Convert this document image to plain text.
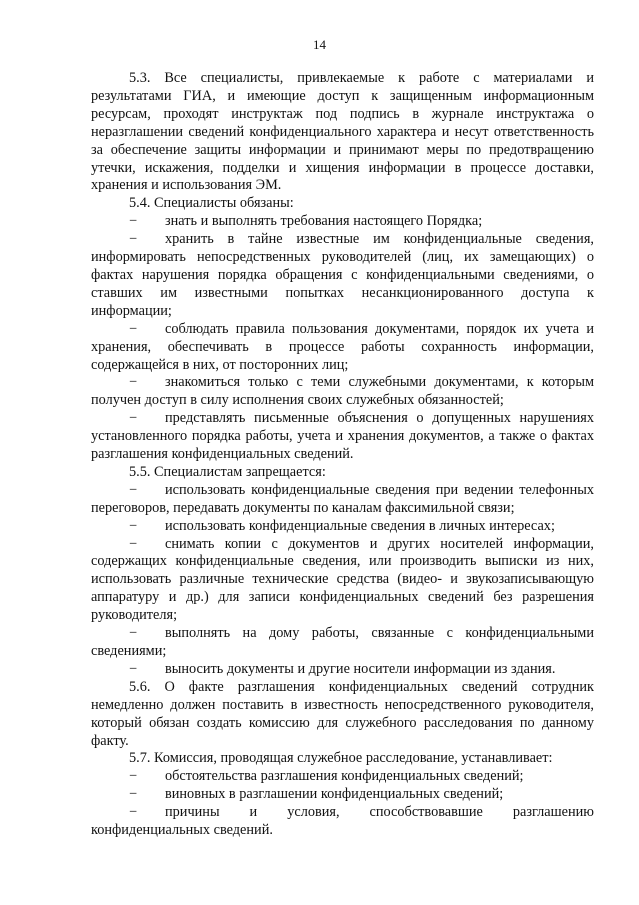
14

5.3. Все специалисты, привлекаемые к работе с материалами и результатами ГИА, и имеющие доступ к защищенным информационным ресурсам, проходят инструктаж под подпись в журнале инструктажа о неразглашении сведений конфиденциального характера и несут ответственность за обеспечение защиты информации и принимают меры по предотвращению утечки, искажения, подделки и хищения информации в процессе доставки, хранения и использования ЭМ.

5.4. Специалисты обязаны:

− знать и выполнять требования настоящего Порядка;

− хранить в тайне известные им конфиденциальные сведения, информировать непосредственных руководителей (лиц, их замещающих) о фактах нарушения порядка обращения с конфиденциальными сведениями, о ставших им известными попытках несанкционированного доступа к информации;

− соблюдать правила пользования документами, порядок их учета и хранения, обеспечивать в процессе работы сохранность информации, содержащейся в них, от посторонних лиц;

− знакомиться только с теми служебными документами, к которым получен доступ в силу исполнения своих служебных обязанностей;

− представлять письменные объяснения о допущенных нарушениях установленного порядка работы, учета и хранения документов, а также о фактах разглашения конфиденциальных сведений.

5.5. Специалистам запрещается:

− использовать конфиденциальные сведения при ведении телефонных переговоров, передавать документы по каналам факсимильной связи;

− использовать конфиденциальные сведения в личных интересах;

− снимать копии с документов и других носителей информации, содержащих конфиденциальные сведения, или производить выписки из них, использовать различные технические средства (видео- и звукозаписывающую аппаратуру и др.) для записи конфиденциальных сведений без разрешения руководителя;

− выполнять на дому работы, связанные с конфиденциальными сведениями;

− выносить документы и другие носители информации из здания.

5.6. О факте разглашения конфиденциальных сведений сотрудник немедленно должен поставить в известность непосредственного руководителя, который обязан создать комиссию для служебного расследования по данному факту.

5.7. Комиссия, проводящая служебное расследование, устанавливает:

− обстоятельства разглашения конфиденциальных сведений;

− виновных в разглашении конфиденциальных сведений;

− причины и условия, способствовавшие разглашению конфиденциальных сведений.
